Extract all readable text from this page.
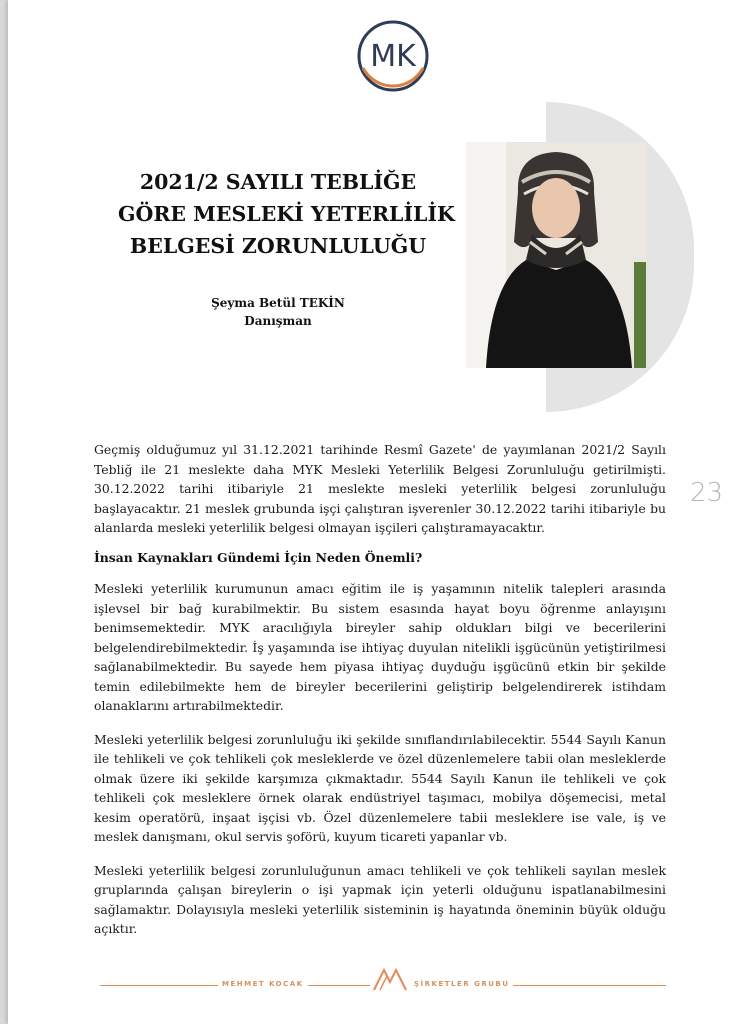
MK
2021/2 SAYILI TEBLİĞE
GÖRE MESLEKİ YETERLİLİK
BELGESİ ZORUNLULUĞU
Şeyma Betül TEKİN
Danışman
23

Geçmiş olduğumuz yıl 31.12.2021 tarihinde Resmî Gazete' de yayımlanan 2021/2 Sayılı Tebliğ ile 21 meslekte daha MYK Mesleki Yeterlilik Belgesi Zorunluluğu getirilmişti. 30.12.2022 tarihi itibariyle 21 meslekte mesleki yeterlilik belgesi zorunluluğu başlayacaktır. 21 meslek grubunda işçi çalıştıran işverenler 30.12.2022 tarihi itibariyle bu alanlarda mesleki yeterlilik belgesi olmayan işçileri çalıştıramayacaktır.

İnsan Kaynakları Gündemi İçin Neden Önemli?

Mesleki yeterlilik kurumunun amacı eğitim ile iş yaşamının nitelik talepleri arasında işlevsel bir bağ kurabilmektir. Bu sistem esasında hayat boyu öğrenme anlayışını benimsemektedir. MYK aracılığıyla bireyler sahip oldukları bilgi ve becerilerini belgelendirebilmektedir. İş yaşamında ise ihtiyaç duyulan nitelikli işgücünün yetiştirilmesi sağlanabilmektedir. Bu sayede hem piyasa ihtiyaç duyduğu işgücünü etkin bir şekilde temin edilebilmekte hem de bireyler becerilerini geliştirip belgelendirerek istihdam olanaklarını artırabilmektedir.

Mesleki yeterlilik belgesi zorunluluğu iki şekilde sınıflandırılabilecektir. 5544 Sayılı Kanun ile tehlikeli ve çok tehlikeli çok mesleklerde ve özel düzenlemelere tabii olan mesleklerde olmak üzere iki şekilde karşımıza çıkmaktadır. 5544 Sayılı Kanun ile tehlikeli ve çok tehlikeli çok mesleklere örnek olarak endüstriyel taşımacı, mobilya döşemecisi, metal kesim operatörü, inşaat işçisi vb. Özel düzenlemelere tabii mesleklere ise vale, iş ve meslek danışmanı, okul servis şoförü, kuyum ticareti yapanlar vb.

Mesleki yeterlilik belgesi zorunluluğunun amacı tehlikeli ve çok tehlikeli sayılan meslek gruplarında çalışan bireylerin o işi yapmak için yeterli olduğunu ispatlanabilmesini sağlamaktır. Dolayısıyla mesleki yeterlilik sisteminin iş hayatında öneminin büyük olduğu açıktır.

MEHMET KOCAK	ŞİRKETLER GRUBU
